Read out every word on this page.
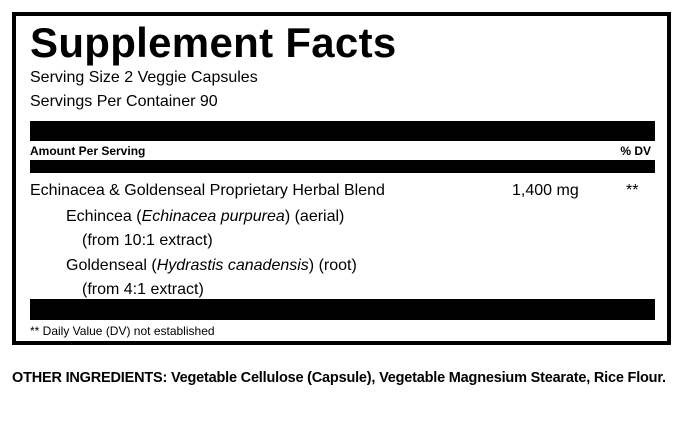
Supplement Facts
Serving Size 2 Veggie Capsules
Servings Per Container 90
Amount Per Serving	% DV
Echinacea & Goldenseal Proprietary Herbal Blend	1,400 mg	**
Echincea (Echinacea purpurea) (aerial)
(from 10:1 extract)
Goldenseal (Hydrastis canadensis) (root)
(from 4:1 extract)
** Daily Value (DV) not established

OTHER INGREDIENTS: Vegetable Cellulose (Capsule), Vegetable Magnesium Stearate, Rice Flour.
